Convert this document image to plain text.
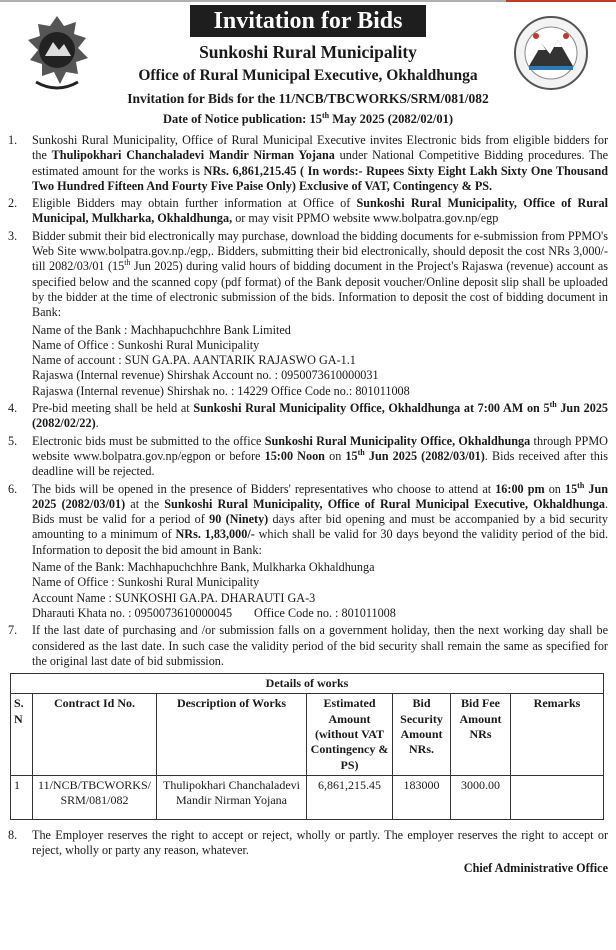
Invitation for Bids
Sunkoshi Rural Municipality
Office of Rural Municipal Executive, Okhaldhunga
Invitation for Bids for the 11/NCB/TBCWORKS/SRM/081/082
Date of Notice publication: 15th May 2025 (2082/02/01)
1.	Sunkoshi Rural Municipality, Office of Rural Municipal Executive invites Electronic bids from eligible bidders for the Thulipokhari Chanchaladevi Mandir Nirman Yojana under National Competitive Bidding procedures. The estimated amount for the works is NRs. 6,861,215.45 ( In words:- Rupees Sixty Eight Lakh Sixty One Thousand Two Hundred Fifteen And Fourty Five Paise Only) Exclusive of VAT, Contingency & PS.
2.	Eligible Bidders may obtain further information at Office of Sunkoshi Rural Municipality, Office of Rural Municipal, Mulkharka, Okhaldhunga, or may visit PPMO website www.bolpatra.gov.np/egp
3.	Bidder submit their bid electronically may purchase, download the bidding documents for e-submission from PPMO's Web Site www.bolpatra.gov.np./egp,. Bidders, submitting their bid electronically, should deposit the cost NRs 3,000/- till 2082/03/01 (15th Jun 2025) during valid hours of bidding document in the Project's Rajaswa (revenue) account as specified below and the scanned copy (pdf format) of the Bank deposit voucher/Online deposit slip shall be uploaded by the bidder at the time of electronic submission of the bids. Information to deposit the cost of bidding document in Bank:
Name of the Bank : Machhapuchchhre Bank Limited
Name of Office : Sunkoshi Rural Municipality
Name of account : SUN GA.PA. AANTARIK RAJASWO GA-1.1
Rajaswa (Internal revenue) Shirshak Account no. : 0950073610000031
Rajaswa (Internal revenue) Shirshak no. : 14229 Office Code no.: 801011008
4.	Pre-bid meeting shall be held at Sunkoshi Rural Municipality Office, Okhaldhunga at 7:00 AM on 5th Jun 2025 (2082/02/22).
5.	Electronic bids must be submitted to the office Sunkoshi Rural Municipality Office, Okhaldhunga through PPMO website www.bolpatra.gov.np/egpon or before 15:00 Noon on 15th Jun 2025 (2082/03/01). Bids received after this deadline will be rejected.
6.	The bids will be opened in the presence of Bidders' representatives who choose to attend at 16:00 pm on 15th Jun 2025 (2082/03/01) at the Sunkoshi Rural Municipality, Office of Rural Municipal Executive, Okhaldhunga. Bids must be valid for a period of 90 (Ninety) days after bid opening and must be accompanied by a bid security amounting to a minimum of NRs. 1,83,000/- which shall be valid for 30 days beyond the validity period of the bid. Information to deposit the bid amount in Bank:
Name of the Bank: Machhapuchchhre Bank, Mulkharka Okhaldhunga
Name of Office : Sunkoshi Rural Municipality
Account Name : SUNKOSHI GA.PA. DHARAUTI GA-3
Dharauti Khata no. : 0950073610000045 Office Code no. : 801011008
7.	If the last date of purchasing and /or submission falls on a government holiday, then the next working day shall be considered as the last date. In such case the validity period of the bid security shall remain the same as specified for the original last date of bid submission.
Details of works						
S. N	Contract Id No.	Description of Works	Estimated Amount (without VAT Contingency & PS)	Bid Security Amount NRs.	Bid Fee Amount NRs	Remarks
1	11/NCB/TBCWORKS/ SRM/081/082	Thulipokhari Chanchaladevi Mandir Nirman Yojana	6,861,215.45	183000	3000.00	
8.	The Employer reserves the right to accept or reject, wholly or partly. The employer reserves the right to accept or reject, wholly or party any reason, whatever.
Chief Administrative Office
